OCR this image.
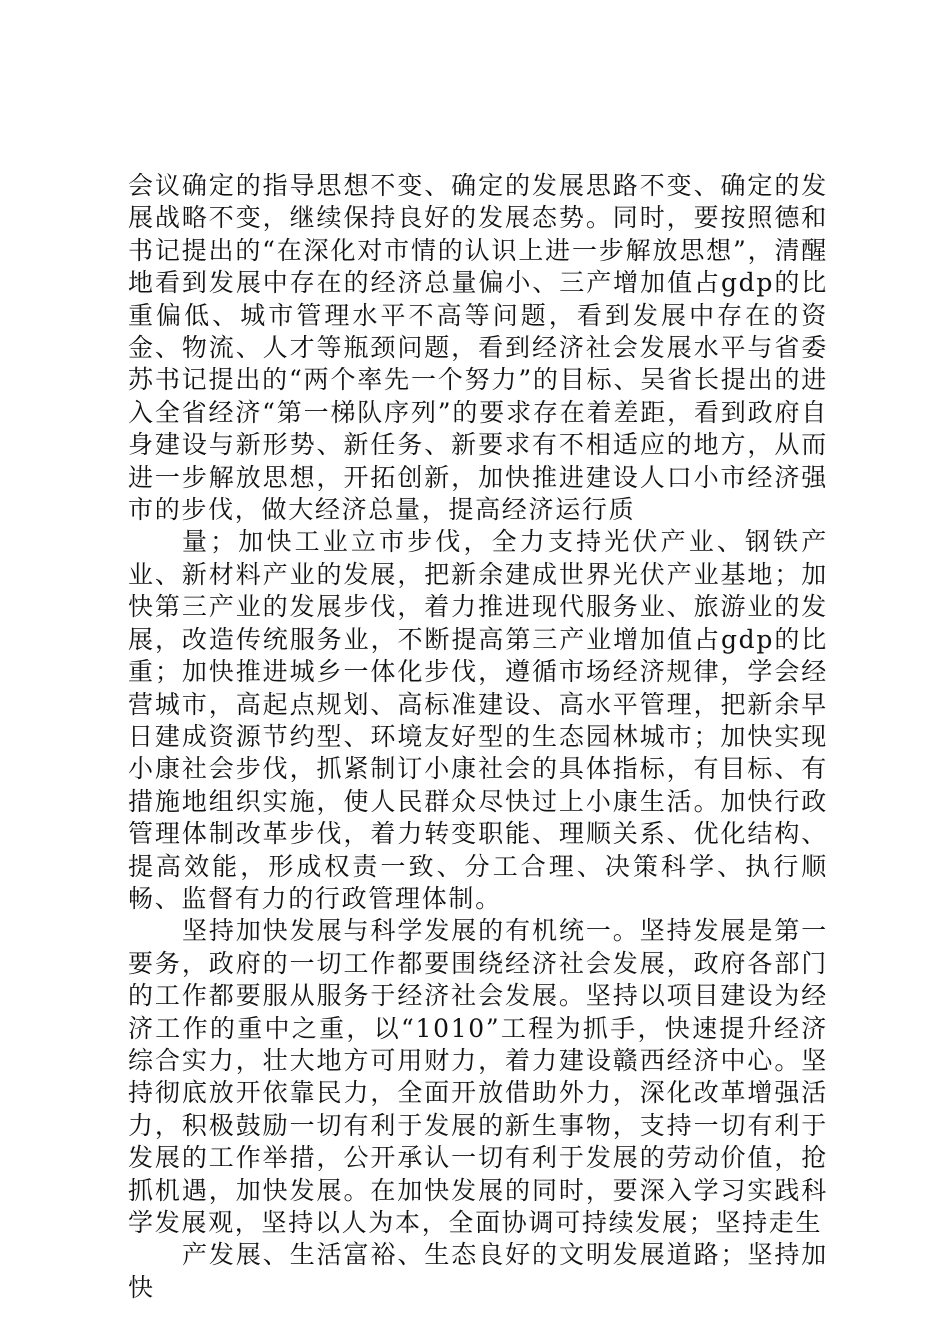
会议确定的指导思想不变、确定的发展思路不变、确定的发展战略不变，继续保持良好的发展态势。同时，要按照德和书记提出的“在深化对市情的认识上进一步解放思想”，清醒地看到发展中存在的经济总量偏小、三产增加值占gdp的比重偏低、城市管理水平不高等问题，看到发展中存在的资金、物流、人才等瓶颈问题，看到经济社会发展水平与省委苏书记提出的“两个率先一个努力”的目标、吴省长提出的进入全省经济“第一梯队序列”的要求存在着差距，看到政府自身建设与新形势、新任务、新要求有不相适应的地方，从而进一步解放思想，开拓创新，加快推进建设人口小市经济强市的步伐，做大经济总量，提高经济运行质

量；加快工业立市步伐，全力支持光伏产业、钢铁产业、新材料产业的发展，把新余建成世界光伏产业基地；加快第三产业的发展步伐，着力推进现代服务业、旅游业的发展，改造传统服务业，不断提高第三产业增加值占gdp的比重；加快推进城乡一体化步伐，遵循市场经济规律，学会经营城市，高起点规划、高标准建设、高水平管理，把新余早日建成资源节约型、环境友好型的生态园林城市；加快实现小康社会步伐，抓紧制订小康社会的具体指标，有目标、有措施地组织实施，使人民群众尽快过上小康生活。加快行政管理体制改革步伐，着力转变职能、理顺关系、优化结构、提高效能，形成权责一致、分工合理、决策科学、执行顺畅、监督有力的行政管理体制。

坚持加快发展与科学发展的有机统一。坚持发展是第一要务，政府的一切工作都要围绕经济社会发展，政府各部门的工作都要服从服务于经济社会发展。坚持以项目建设为经济工作的重中之重，以“1010”工程为抓手，快速提升经济综合实力，壮大地方可用财力，着力建设赣西经济中心。坚持彻底放开依靠民力，全面开放借助外力，深化改革增强活力，积极鼓励一切有利于发展的新生事物，支持一切有利于发展的工作举措，公开承认一切有利于发展的劳动价值，抢抓机遇，加快发展。在加快发展的同时，要深入学习实践科学发展观，坚持以人为本，全面协调可持续发展；坚持走生

产发展、生活富裕、生态良好的文明发展道路；坚持加快
